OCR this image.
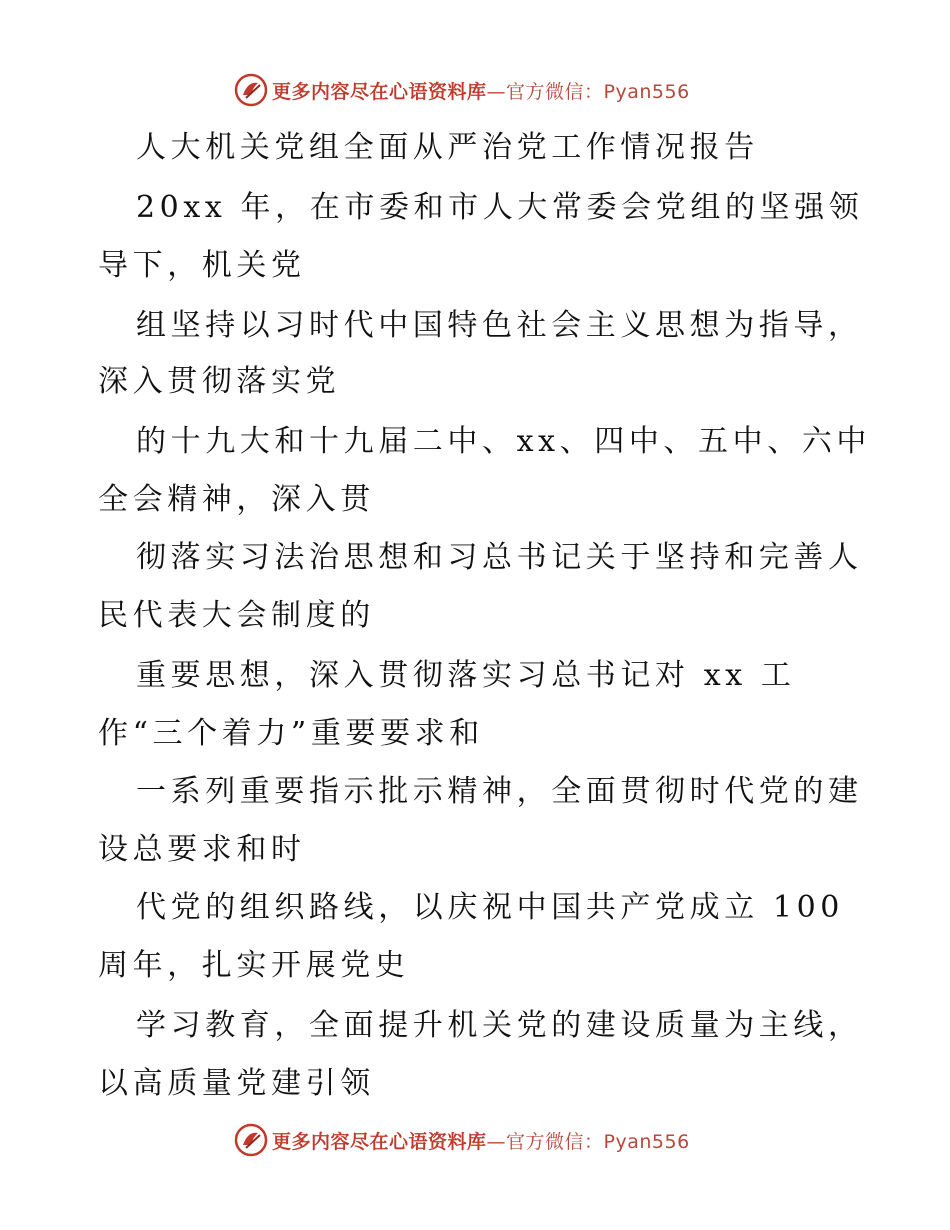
更多内容尽在心语资料库—官方微信：Pyan556
人大机关党组全面从严治党工作情况报告
20xx 年，在市委和市人大常委会党组的坚强领
导下，机关党
组坚持以习时代中国特色社会主义思想为指导，
深入贯彻落实党
的十九大和十九届二中、xx、四中、五中、六中
全会精神，深入贯
彻落实习法治思想和习总书记关于坚持和完善人
民代表大会制度的
重要思想，深入贯彻落实习总书记对 xx 工
作“三个着力”重要要求和
一系列重要指示批示精神，全面贯彻时代党的建
设总要求和时
代党的组织路线，以庆祝中国共产党成立 100
周年，扎实开展党史
学习教育，全面提升机关党的建设质量为主线，
以高质量党建引领
更多内容尽在心语资料库—官方微信：Pyan556
